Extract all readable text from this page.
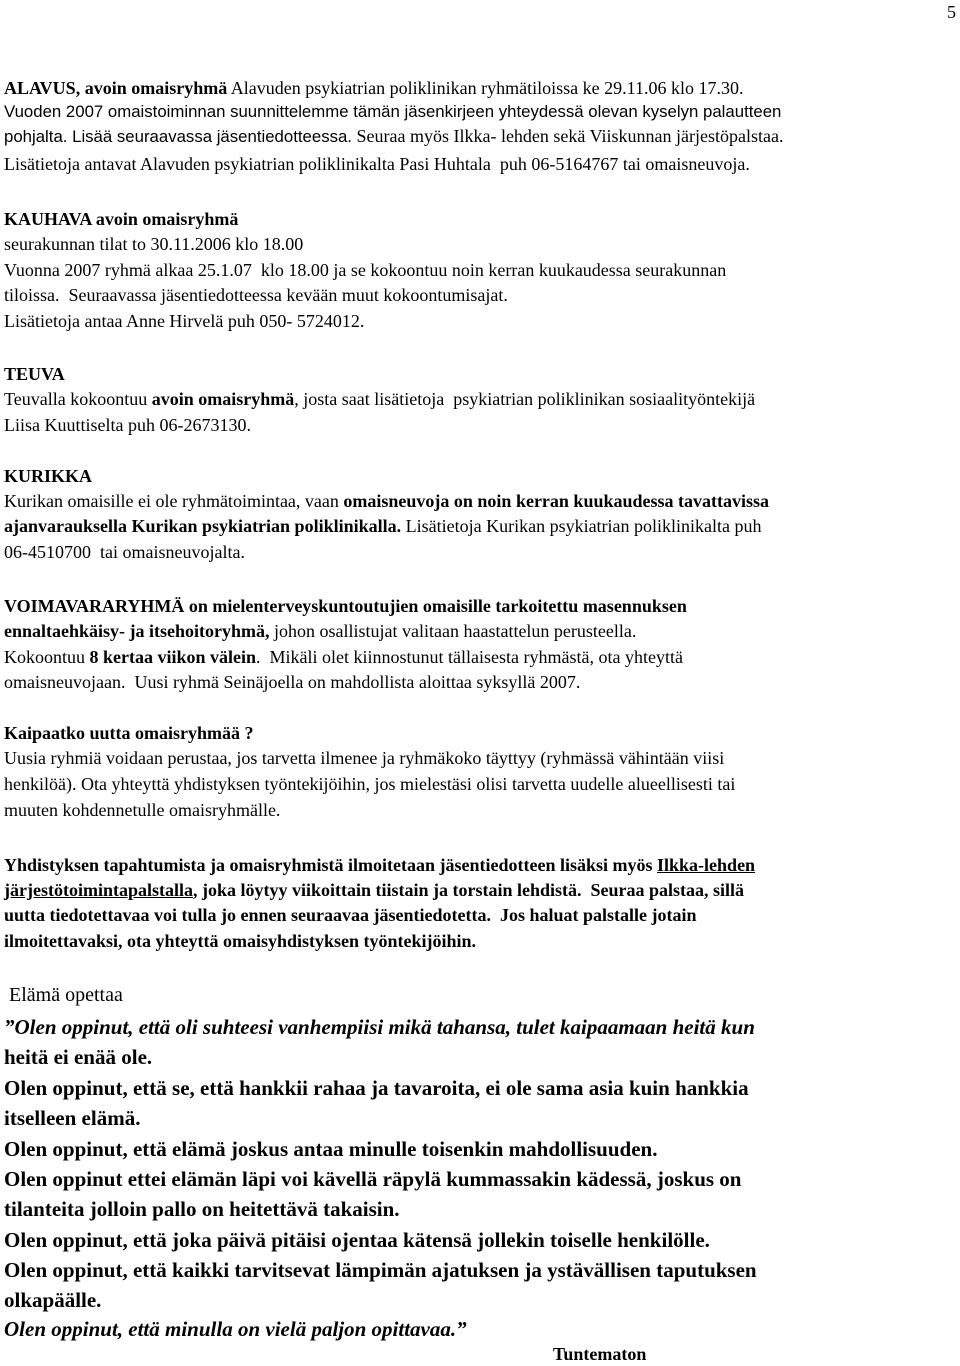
5
ALAVUS, avoin omaisryhmä Alavuden psykiatrian poliklinikan ryhmätiloissa ke 29.11.06 klo 17.30.
Vuoden 2007 omaistoiminnan suunnittelemme tämän jäsenkirjeen yhteydessä olevan kyselyn palautteen
pohjalta. Lisää seuraavassa jäsentiedotteessa. Seuraa myös Ilkka- lehden sekä Viiskunnan järjestöpalstaa.
Lisätietoja antavat Alavuden psykiatrian poliklinikalta Pasi Huhtala  puh 06-5164767 tai omaisneuvoja.
KAUHAVA avoin omaisryhmä
seurakunnan tilat to 30.11.2006 klo 18.00
Vuonna 2007 ryhmä alkaa 25.1.07  klo 18.00 ja se kokoontuu noin kerran kuukaudessa seurakunnan
tiloissa.  Seuraavassa jäsentiedotteessa kevään muut kokoontumisajat.
Lisätietoja antaa Anne Hirvelä puh 050- 5724012.
TEUVA
Teuvalla kokoontuu avoin omaisryhmä, josta saat lisätietoja  psykiatrian poliklinikan sosiaalityöntekijä
Liisa Kuuttiselta puh 06-2673130.
KURIKKA
Kurikan omaisille ei ole ryhmätoimintaa, vaan omaisneuvoja on noin kerran kuukaudessa tavattavissa
ajanvarauksella Kurikan psykiatrian poliklinikalla. Lisätietoja Kurikan psykiatrian poliklinikalta puh
06-4510700  tai omaisneuvojalta.
VOIMAVARARYHMÄ on mielenterveyskuntoutujien omaisille tarkoitettu masennuksen
ennaltaehkäisy- ja itsehoitoryhmä, johon osallistujat valitaan haastattelun perusteella.
Kokoontuu 8 kertaa viikon välein.  Mikäli olet kiinnostunut tällaisesta ryhmästä, ota yhteyttä
omaisneuvojaan.  Uusi ryhmä Seinäjoella on mahdollista aloittaa syksyllä 2007.
Kaipaatko uutta omaisryhmää ?
Uusia ryhmiä voidaan perustaa, jos tarvetta ilmenee ja ryhmäkoko täyttyy (ryhmässä vähintään viisi
henkilöä). Ota yhteyttä yhdistyksen työntekijöihin, jos mielestäsi olisi tarvetta uudelle alueellisesti tai
muuten kohdennetulle omaisryhmälle.
Yhdistyksen tapahtumista ja omaisryhmistä ilmoitetaan jäsentiedotteen lisäksi myös Ilkka-lehden
järjestötoimintapalstalla, joka löytyy viikoittain tiistain ja torstain lehdistä.  Seuraa palstaa, sillä
uutta tiedotettavaa voi tulla jo ennen seuraavaa jäsentiedotetta.  Jos haluat palstalle jotain
ilmoitettavaksi, ota yhteyttä omaisyhdistyksen työntekijöihin.
Elämä opettaa
”Olen oppinut, että oli suhteesi vanhempiisi mikä tahansa, tulet kaipaamaan heitä kun
heitä ei enää ole.
Olen oppinut, että se, että hankkii rahaa ja tavaroita, ei ole sama asia kuin hankkia
itselleen elämä.
Olen oppinut, että elämä joskus antaa minulle toisenkin mahdollisuuden.
Olen oppinut ettei elämän läpi voi kävellä räpylä kummassakin kädessä, joskus on
tilanteita jolloin pallo on heitettävä takaisin.
Olen oppinut, että joka päivä pitäisi ojentaa kätensä jollekin toiselle henkilölle.
Olen oppinut, että kaikki tarvitsevat lämpimän ajatuksen ja ystävällisen taputuksen
olkapäälle.
Olen oppinut, että minulla on vielä paljon opittavaa.”
Tuntematon
